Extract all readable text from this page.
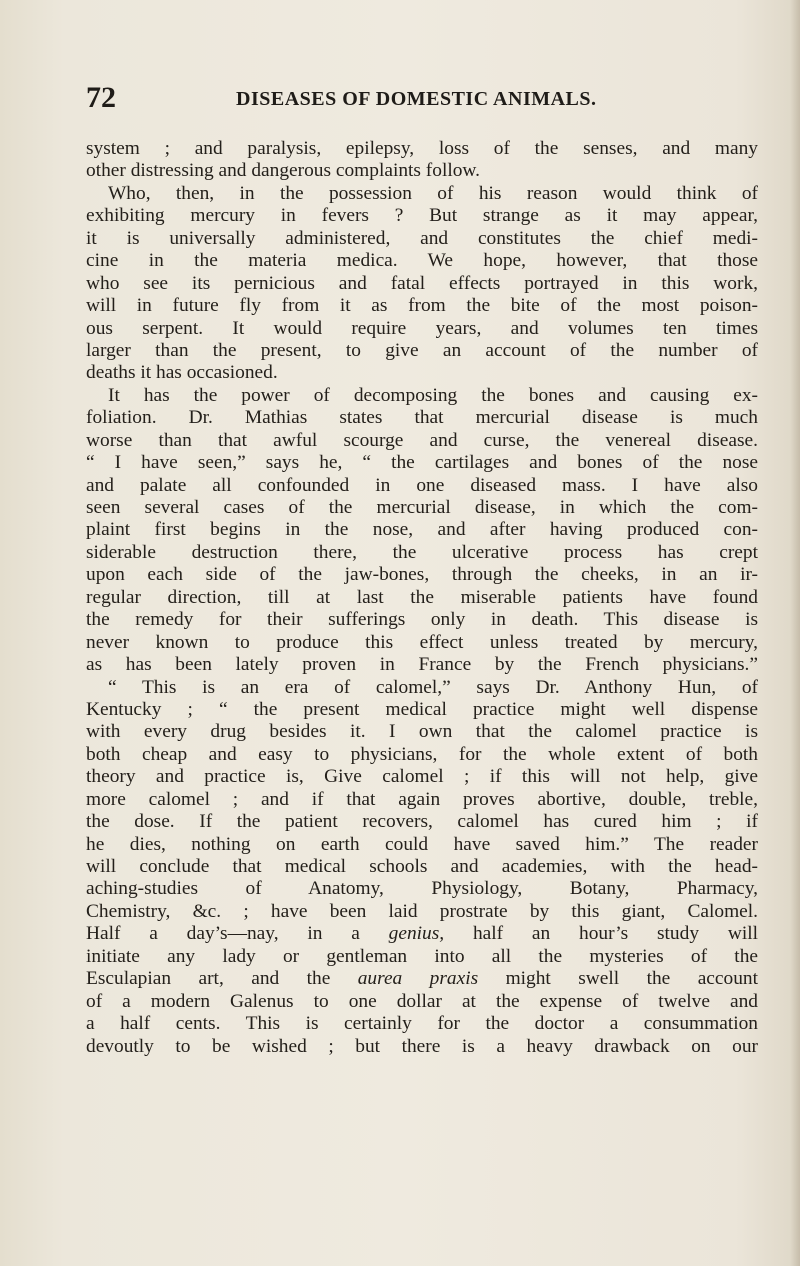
72	DISEASES OF DOMESTIC ANIMALS.
system ; and paralysis, epilepsy, loss of the senses, and many
other distressing and dangerous complaints follow.
Who, then, in the possession of his reason would think of
exhibiting mercury in fevers ? But strange as it may appear,
it is universally administered, and constitutes the chief medi-
cine in the materia medica. We hope, however, that those
who see its pernicious and fatal effects portrayed in this work,
will in future fly from it as from the bite of the most poison-
ous serpent. It would require years, and volumes ten times
larger than the present, to give an account of the number of
deaths it has occasioned.
It has the power of decomposing the bones and causing ex-
foliation. Dr. Mathias states that mercurial disease is much
worse than that awful scourge and curse, the venereal disease.
“ I have seen,” says he, “ the cartilages and bones of the nose
and palate all confounded in one diseased mass. I have also
seen several cases of the mercurial disease, in which the com-
plaint first begins in the nose, and after having produced con-
siderable destruction there, the ulcerative process has crept
upon each side of the jaw-bones, through the cheeks, in an ir-
regular direction, till at last the miserable patients have found
the remedy for their sufferings only in death. This disease is
never known to produce this effect unless treated by mercury,
as has been lately proven in France by the French physicians.”
“ This is an era of calomel,” says Dr. Anthony Hun, of
Kentucky ; “ the present medical practice might well dispense
with every drug besides it. I own that the calomel practice is
both cheap and easy to physicians, for the whole extent of both
theory and practice is, Give calomel ; if this will not help, give
more calomel ; and if that again proves abortive, double, treble,
the dose. If the patient recovers, calomel has cured him ; if
he dies, nothing on earth could have saved him.” The reader
will conclude that medical schools and academies, with the head-
aching-studies of Anatomy, Physiology, Botany, Pharmacy,
Chemistry, &c. ; have been laid prostrate by this giant, Calomel.
Half a day’s—nay, in a genius, half an hour’s study will
initiate any lady or gentleman into all the mysteries of the
Esculapian art, and the aurea praxis might swell the account
of a modern Galenus to one dollar at the expense of twelve and
a half cents. This is certainly for the doctor a consummation
devoutly to be wished ; but there is a heavy drawback on our
